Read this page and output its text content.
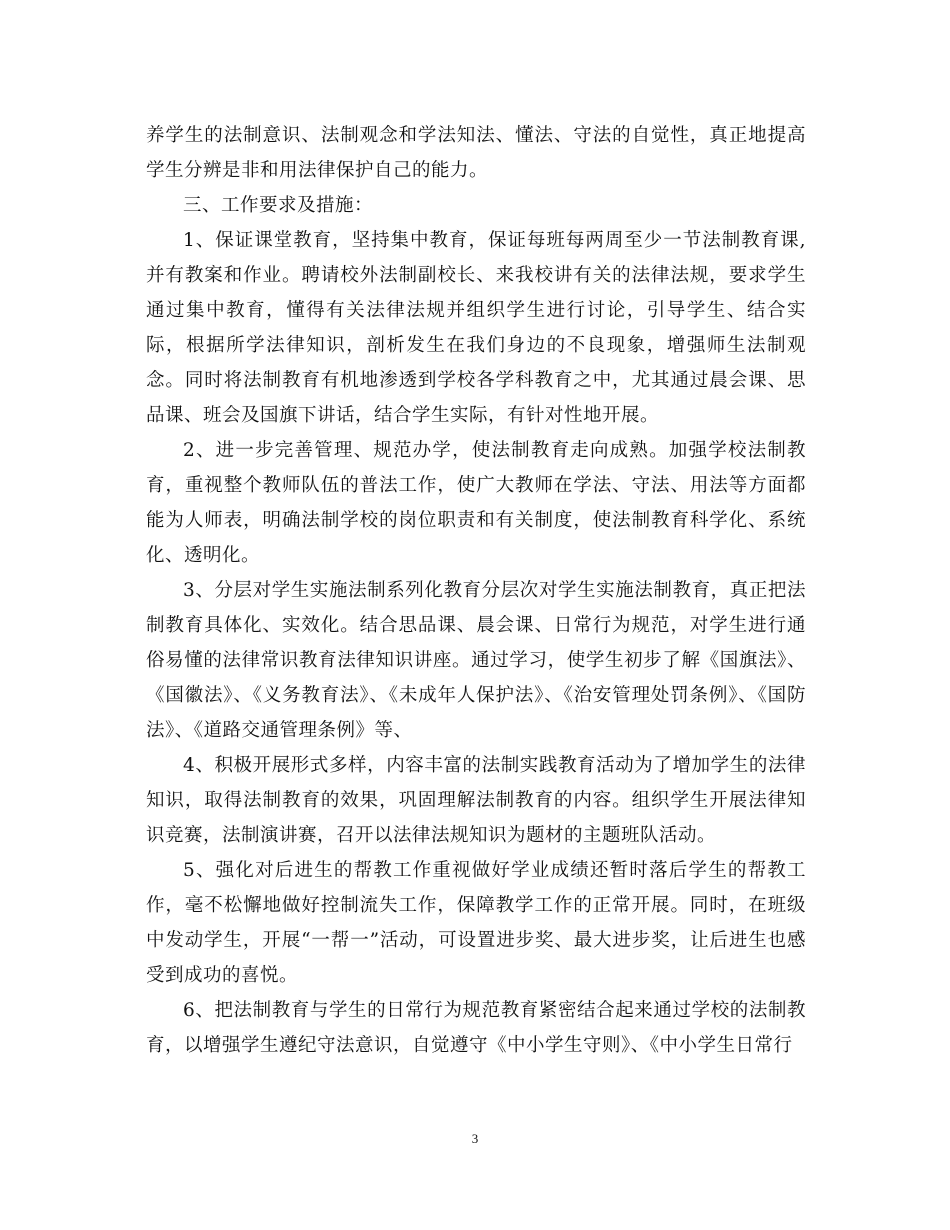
养学生的法制意识、法制观念和学法知法、懂法、守法的自觉性，真正地提高学生分辨是非和用法律保护自己的能力。

三、工作要求及措施：

1、保证课堂教育，坚持集中教育，保证每班每两周至少一节法制教育课,并有教案和作业。聘请校外法制副校长、来我校讲有关的法律法规，要求学生通过集中教育，懂得有关法律法规并组织学生进行讨论，引导学生、结合实际，根据所学法律知识，剖析发生在我们身边的不良现象，增强师生法制观念。同时将法制教育有机地渗透到学校各学科教育之中，尤其通过晨会课、思品课、班会及国旗下讲话，结合学生实际，有针对性地开展。

2、进一步完善管理、规范办学，使法制教育走向成熟。加强学校法制教育，重视整个教师队伍的普法工作，使广大教师在学法、守法、用法等方面都能为人师表，明确法制学校的岗位职责和有关制度，使法制教育科学化、系统化、透明化。

3、分层对学生实施法制系列化教育分层次对学生实施法制教育，真正把法制教育具体化、实效化。结合思品课、晨会课、日常行为规范，对学生进行通俗易懂的法律常识教育法律知识讲座。通过学习，使学生初步了解《国旗法》、《国徽法》、《义务教育法》、《未成年人保护法》、《治安管理处罚条例》、《国防法》、《道路交通管理条例》等、

4、积极开展形式多样，内容丰富的法制实践教育活动为了增加学生的法律知识，取得法制教育的效果，巩固理解法制教育的内容。组织学生开展法律知识竞赛，法制演讲赛，召开以法律法规知识为题材的主题班队活动。

5、强化对后进生的帮教工作重视做好学业成绩还暂时落后学生的帮教工作，毫不松懈地做好控制流失工作，保障教学工作的正常开展。同时，在班级中发动学生，开展“一帮一”活动，可设置进步奖、最大进步奖，让后进生也感受到成功的喜悦。

6、把法制教育与学生的日常行为规范教育紧密结合起来通过学校的法制教育，以增强学生遵纪守法意识，自觉遵守《中小学生守则》、《中小学生日常行

3
